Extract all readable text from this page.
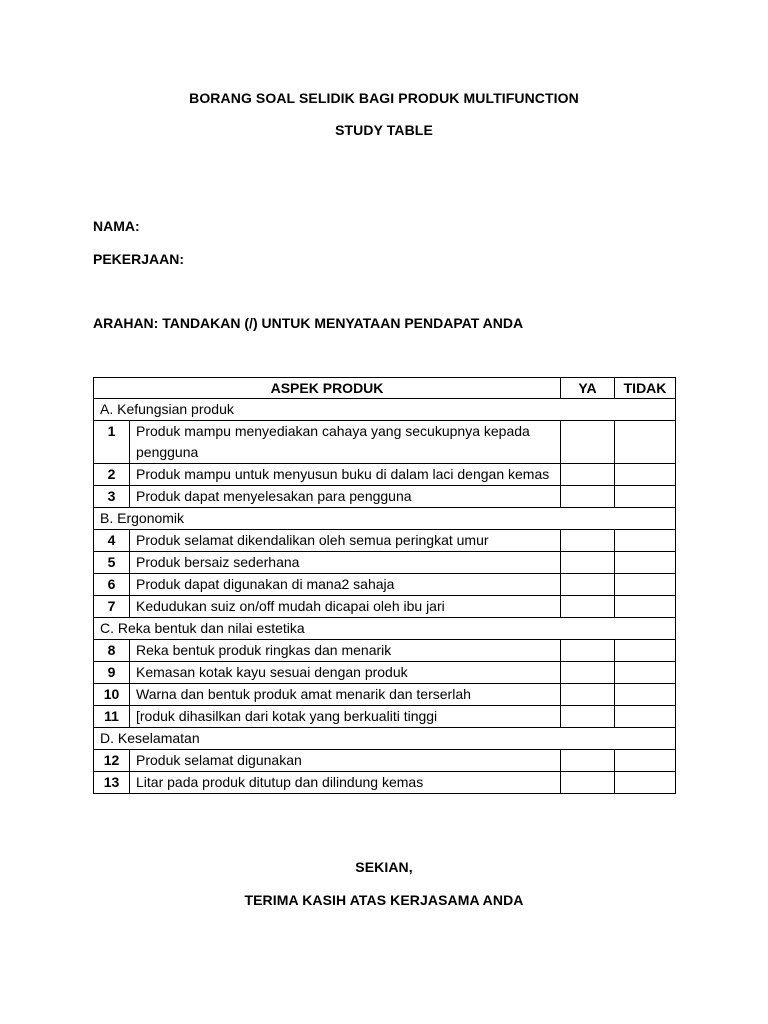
BORANG SOAL SELIDIK BAGI PRODUK MULTIFUNCTION
STUDY TABLE
NAMA:
PEKERJAAN:
ARAHAN: TANDAKAN (/) UNTUK MENYATAAN PENDAPAT ANDA
ASPEK PRODUK		YA	TIDAK
A. Kefungsian produk			
1	Produk mampu menyediakan cahaya yang secukupnya kepada pengguna		
2	Produk mampu untuk menyusun buku di dalam laci dengan kemas		
3	Produk dapat menyelesakan para pengguna		
B. Ergonomik			
4	Produk selamat dikendalikan oleh semua peringkat umur		
5	Produk bersaiz sederhana		
6	Produk dapat digunakan di mana2 sahaja		
7	Kedudukan suiz on/off mudah dicapai oleh ibu jari		
C. Reka bentuk dan nilai estetika			
8	Reka bentuk produk ringkas dan menarik		
9	Kemasan kotak kayu sesuai dengan produk		
10	Warna dan bentuk produk amat menarik dan terserlah		
11	[roduk dihasilkan dari kotak yang berkualiti tinggi		
D. Keselamatan			
12	Produk selamat digunakan		
13	Litar pada produk ditutup dan dilindung kemas		
SEKIAN,
TERIMA KASIH ATAS KERJASAMA ANDA
